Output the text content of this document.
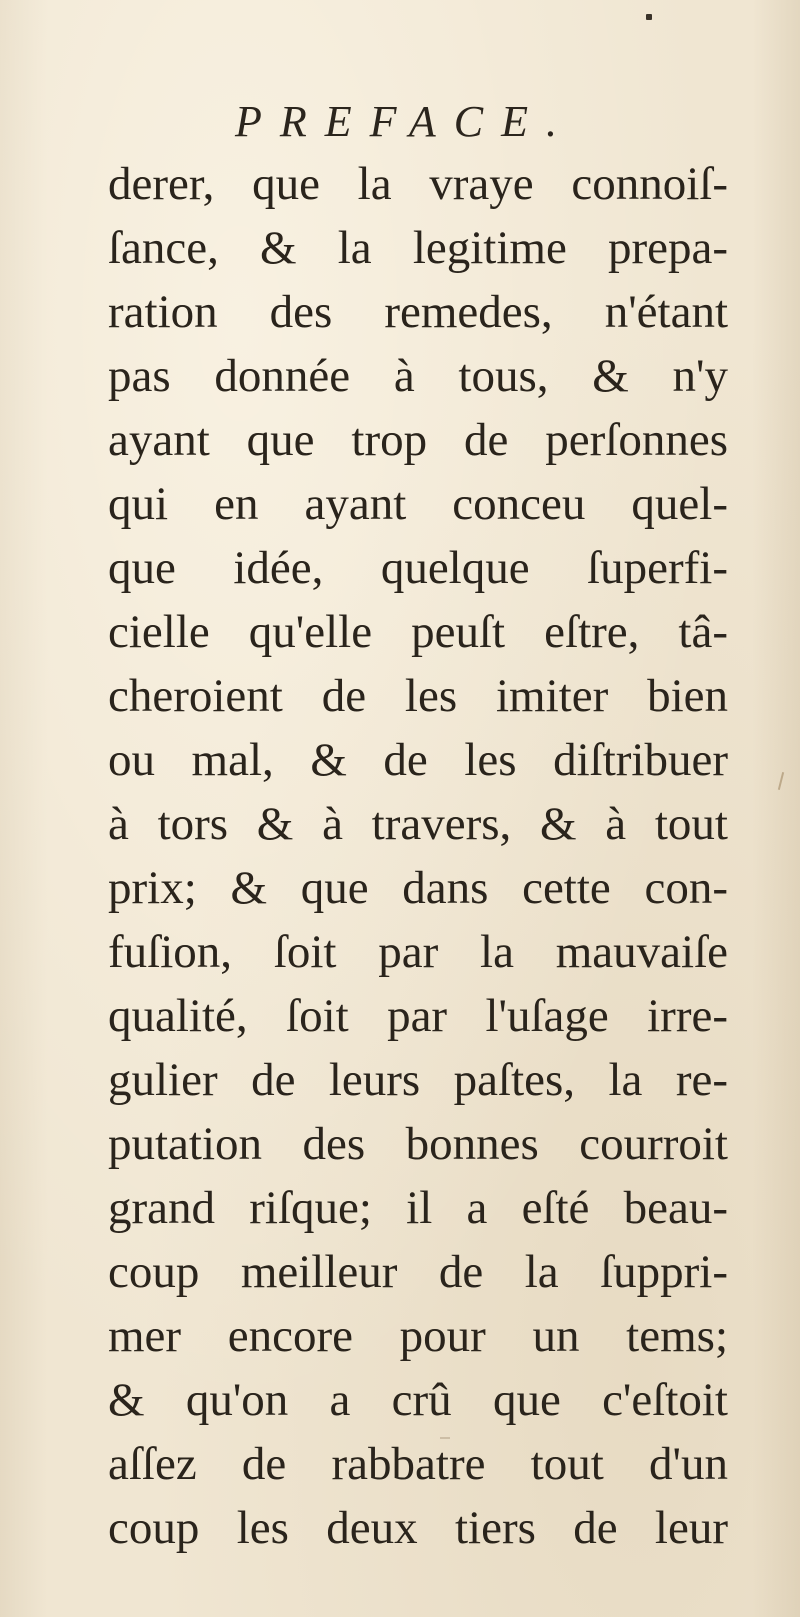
PREFACE.
derer, que la vraye connoiſ-
ſance, & la legitime prepa-
ration des remedes, n'étant
pas donnée à tous, & n'y
ayant que trop de perſonnes
qui en ayant conceu quel-
que idée, quelque ſuperfi-
cielle qu'elle peuſt eſtre, tâ-
cheroient de les imiter bien
ou mal, & de les diſtribuer
à tors & à travers, & à tout
prix; & que dans cette con-
fuſion, ſoit par la mauvaiſe
qualité, ſoit par l'uſage irre-
gulier de leurs paſtes, la re-
putation des bonnes courroit
grand riſque; il a eſté beau-
coup meilleur de la ſuppri-
mer encore pour un tems;
& qu'on a crû que c'eſtoit
aſſez de rabbatre tout d'un
coup les deux tiers de leur
